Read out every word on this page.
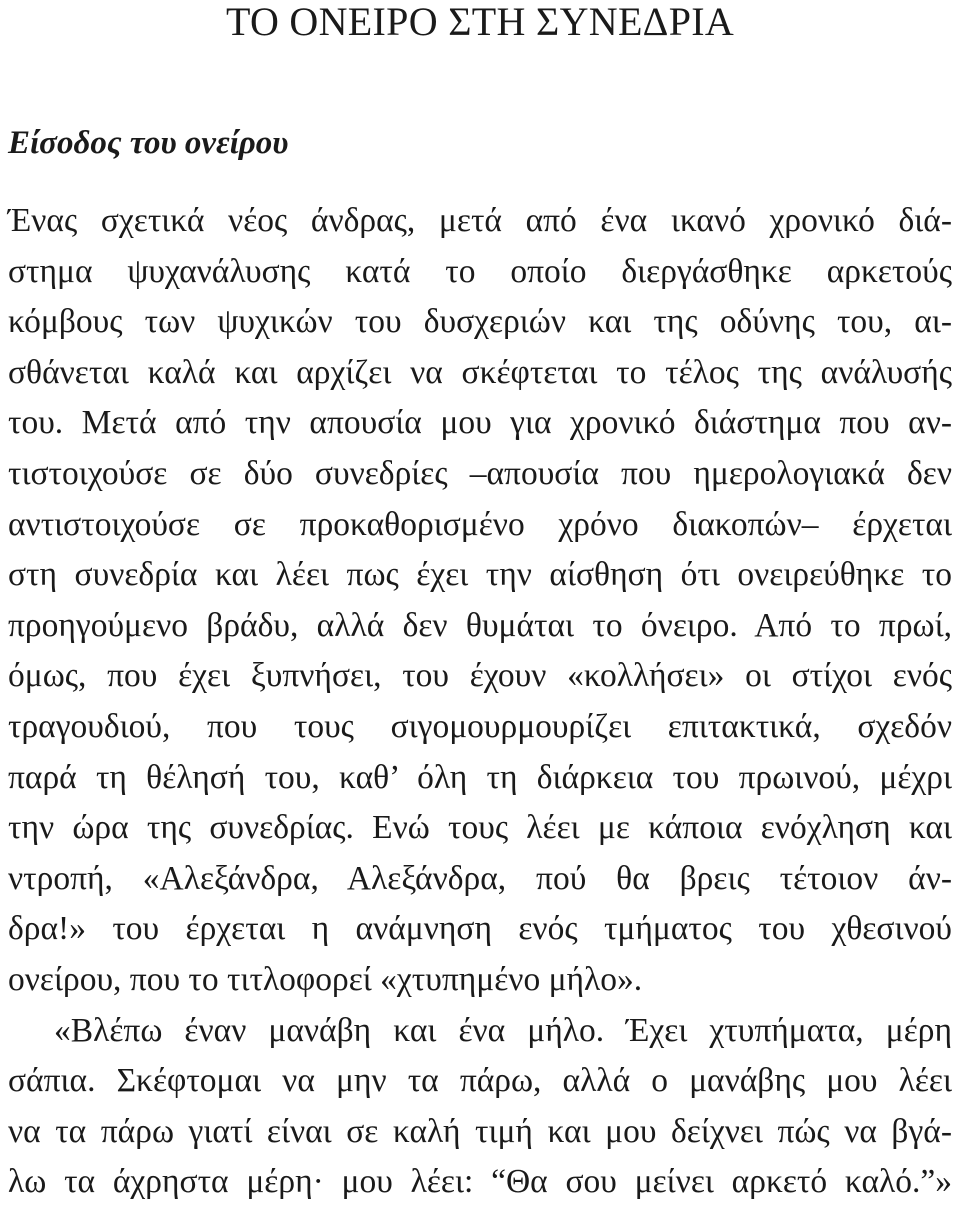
ΤΟ ΟΝΕΙΡΟ ΣΤΗ ΣΥΝΕΔΡΙΑ
Είσοδος του ονείρου
Ένας σχετικά νέος άνδρας, μετά από ένα ικανό χρονικό διά-
στημα ψυχανάλυσης κατά το οποίο διεργάσθηκε αρκετούς
κόμβους των ψυχικών του δυσχεριών και της οδύνης του, αι-
σθάνεται καλά και αρχίζει να σκέφτεται το τέλος της ανάλυσής
του. Μετά από την απουσία μου για χρονικό διάστημα που αν-
τιστοιχούσε σε δύο συνεδρίες –απουσία που ημερολογιακά δεν
αντιστοιχούσε σε προκαθορισμένο χρόνο διακοπών– έρχεται
στη συνεδρία και λέει πως έχει την αίσθηση ότι ονειρεύθηκε το
προηγούμενο βράδυ, αλλά δεν θυμάται το όνειρο. Από το πρωί,
όμως, που έχει ξυπνήσει, του έχουν «κολλήσει» οι στίχοι ενός
τραγουδιού, που τους σιγομουρμουρίζει επιτακτικά, σχεδόν
παρά τη θέλησή του, καθ’ όλη τη διάρκεια του πρωινού, μέχρι
την ώρα της συνεδρίας. Ενώ τους λέει με κάποια ενόχληση και
ντροπή, «Αλεξάνδρα, Αλεξάνδρα, πού θα βρεις τέτοιον άν-
δρα!» του έρχεται η ανάμνηση ενός τμήματος του χθεσινού
ονείρου, που το τιτλοφορεί «χτυπημένο μήλο».
«Βλέπω έναν μανάβη και ένα μήλο. Έχει χτυπήματα, μέρη
σάπια. Σκέφτομαι να μην τα πάρω, αλλά ο μανάβης μου λέει
να τα πάρω γιατί είναι σε καλή τιμή και μου δείχνει πώς να βγά-
λω τα άχρηστα μέρη· μου λέει: “Θα σου μείνει αρκετό καλό.”»
